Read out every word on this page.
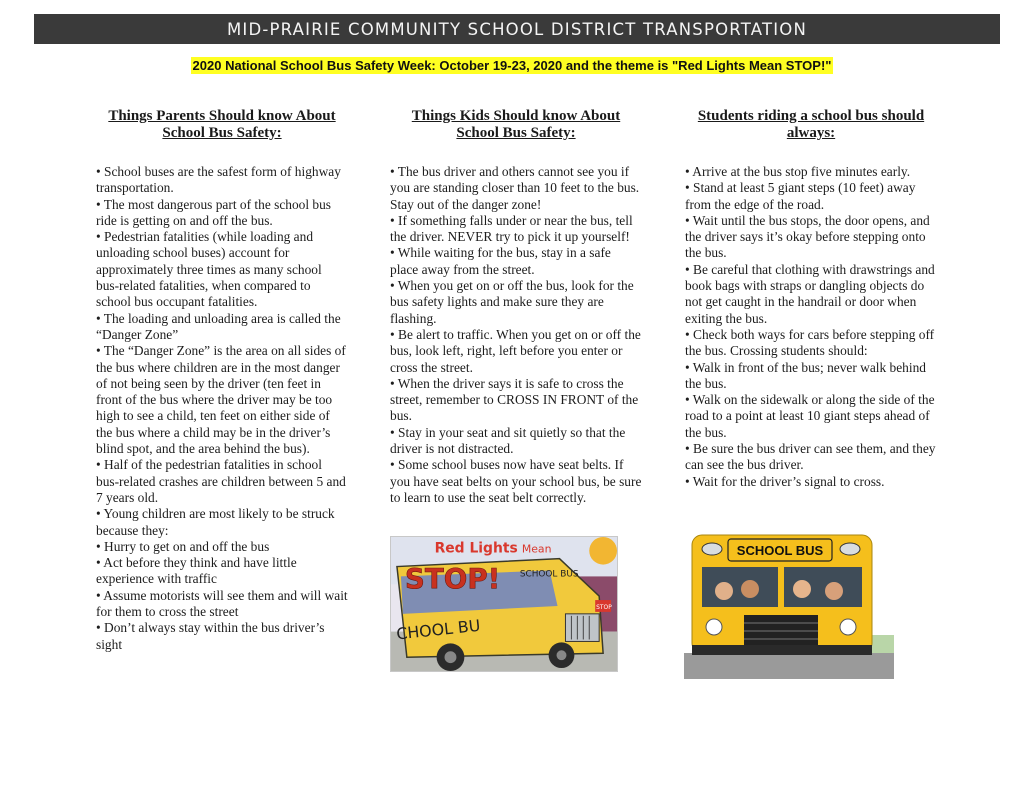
MID-PRAIRIE COMMUNITY SCHOOL DISTRICT TRANSPORTATION
2020 National School Bus Safety Week: October 19-23, 2020 and the theme is "Red Lights Mean STOP!"
Things Parents Should know About School Bus Safety:
• School buses are the safest form of highway transportation.
• The most dangerous part of the school bus ride is getting on and off the bus.
• Pedestrian fatalities (while loading and unloading school buses) account for approximately three times as many school bus-related fatalities, when compared to school bus occupant fatalities.
• The loading and unloading area is called the “Danger Zone”
• The “Danger Zone” is the area on all sides of the bus where children are in the most danger of not being seen by the driver (ten feet in front of the bus where the driver may be too high to see a child, ten feet on either side of the bus where a child may be in the driver’s blind spot, and the area behind the bus).
• Half of the pedestrian fatalities in school bus-related crashes are children between 5 and 7 years old.
• Young children are most likely to be struck because they:
• Hurry to get on and off the bus
• Act before they think and have little experience with traffic
• Assume motorists will see them and will wait for them to cross the street
• Don’t always stay within the bus driver’s sight
Things Kids Should know About School Bus Safety:
• The bus driver and others cannot see you if you are standing closer than 10 feet to the bus. Stay out of the danger zone!
• If something falls under or near the bus, tell the driver. NEVER try to pick it up yourself!
• While waiting for the bus, stay in a safe place away from the street.
• When you get on or off the bus, look for the bus safety lights and make sure they are flashing.
• Be alert to traffic. When you get on or off the bus, look left, right, left before you enter or cross the street.
• When the driver says it is safe to cross the street, remember to CROSS IN FRONT of the bus.
• Stay in your seat and sit quietly so that the driver is not distracted.
• Some school buses now have seat belts. If you have seat belts on your school bus, be sure to learn to use the seat belt correctly.
Students riding a school bus should always:
• Arrive at the bus stop five minutes early.
• Stand at least 5 giant steps (10 feet) away from the edge of the road.
• Wait until the bus stops, the door opens, and the driver says it’s okay before stepping onto the bus.
• Be careful that clothing with drawstrings and book bags with straps or dangling objects do not get caught in the handrail or door when exiting the bus.
• Check both ways for cars before stepping off the bus. Crossing students should:
• Walk in front of the bus; never walk behind the bus.
• Walk on the sidewalk or along the side of the road to a point at least 10 giant steps ahead of the bus.
• Be sure the bus driver can see them, and they can see the bus driver.
• Wait for the driver’s signal to cross.
Red Lights Mean
STOP!
CHOOL BU
SCHOOL BUS
STOP
SCHOOL BUS
